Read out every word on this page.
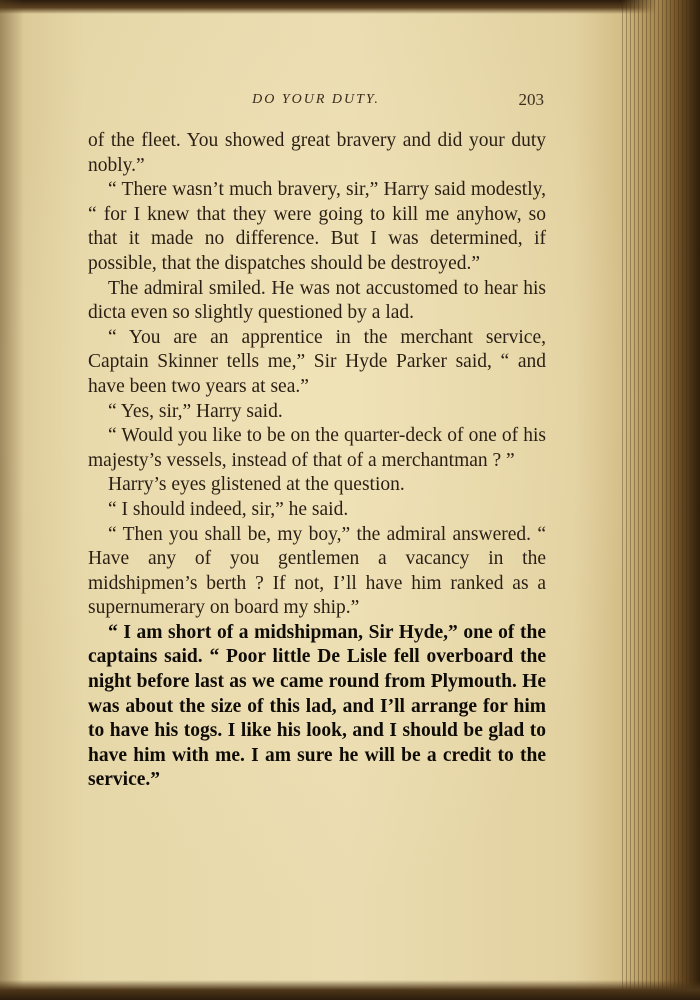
DO YOUR DUTY.	203

of the fleet. You showed great bravery and did your duty nobly.”

“ There wasn’t much bravery, sir,” Harry said modestly, “ for I knew that they were going to kill me anyhow, so that it made no difference. But I was determined, if possible, that the dispatches should be destroyed.”

The admiral smiled. He was not accustomed to hear his dicta even so slightly questioned by a lad.

“ You are an apprentice in the merchant service, Captain Skinner tells me,” Sir Hyde Parker said, “ and have been two years at sea.”

“ Yes, sir,” Harry said.

“ Would you like to be on the quarter-deck of one of his majesty’s vessels, instead of that of a merchantman ? ”

Harry’s eyes glistened at the question.

“ I should indeed, sir,” he said.

“ Then you shall be, my boy,” the admiral answered. “ Have any of you gentlemen a vacancy in the midshipmen’s berth ? If not, I’ll have him ranked as a supernumerary on board my ship.”

“ I am short of a midshipman, Sir Hyde,” one of the captains said. “ Poor little De Lisle fell overboard the night before last as we came round from Plymouth. He was about the size of this lad, and I’ll arrange for him to have his togs. I like his look, and I should be glad to have him with me. I am sure he will be a credit to the service.”
